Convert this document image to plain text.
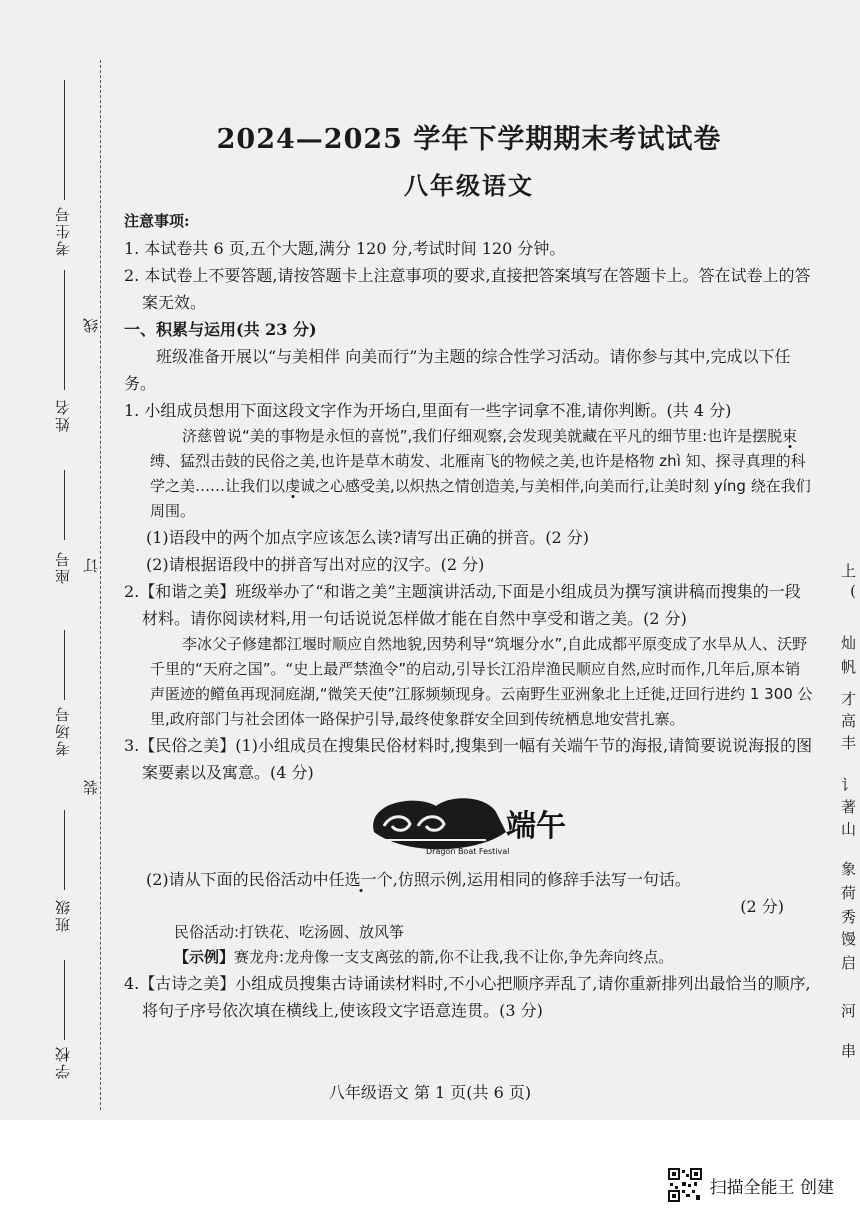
考生号
线
姓名
座号 订
考场号
装
班级
学校
2024—2025 学年下学期期末考试试卷
八年级语文

注意事项:

1. 本试卷共 6 页,五个大题,满分 120 分,考试时间 120 分钟。

2. 本试卷上不要答题,请按答题卡上注意事项的要求,直接把答案填写在答题卡上。答在试卷上的答案无效。

一、积累与运用(共 23 分)

班级准备开展以“与美相伴 向美而行”为主题的综合性学习活动。请你参与其中,完成以下任务。

1. 小组成员想用下面这段文字作为开场白,里面有一些字词拿不准,请你判断。(共 4 分)

济慈曾说“美的事物是永恒的喜悦”,我们仔细观察,会发现美就藏在平凡的细节里:也许是摆脱束缚、猛烈击鼓的民俗之美,也许是草木萌发、北雁南飞的物候之美,也许是格物 zhì 知、探寻真理的科学之美……让我们以虔诚之心感受美,以炽热之情创造美,与美相伴,向美而行,让美时刻 yíng 绕在我们周围。

(1)语段中的两个加点字应该怎么读?请写出正确的拼音。(2 分)

(2)请根据语段中的拼音写出对应的汉字。(2 分)

2.【和谐之美】班级举办了“和谐之美”主题演讲活动,下面是小组成员为撰写演讲稿而搜集的一段材料。请你阅读材料,用一句话说说怎样做才能在自然中享受和谐之美。(2 分)

李冰父子修建都江堰时顺应自然地貌,因势利导“筑堰分水”,自此成都平原变成了水旱从人、沃野千里的“天府之国”。“史上最严禁渔令”的启动,引导长江沿岸渔民顺应自然,应时而作,几年后,原本销声匿迹的鳤鱼再现洞庭湖,“微笑天使”江豚频频现身。云南野生亚洲象北上迁徙,迂回行进约 1 300 公里,政府部门与社会团体一路保护引导,最终使象群安全回到传统栖息地安营扎寨。

3.【民俗之美】(1)小组成员在搜集民俗材料时,搜集到一幅有关端午节的海报,请简要说说海报的图案要素以及寓意。(4 分)

端午
Dragon Boat Festival

(2)请从下面的民俗活动中任选一个,仿照示例,运用相同的修辞手法写一句话。

(2 分)

民俗活动:打铁花、吃汤圆、放风筝

【示例】赛龙舟:龙舟像一支支离弦的箭,你不让我,我不让你,争先奔向终点。

4.【古诗之美】小组成员搜集古诗诵读材料时,不小心把顺序弄乱了,请你重新排列出最恰当的顺序,将句子序号依次填在横线上,使该段文字语意连贯。(3 分)

上
(
灿
帆
才
高
丰
讠
著
山
象
荷
秀
馒
启
河
串
八年级语文 第 1 页(共 6 页)
扫描全能王 创建
